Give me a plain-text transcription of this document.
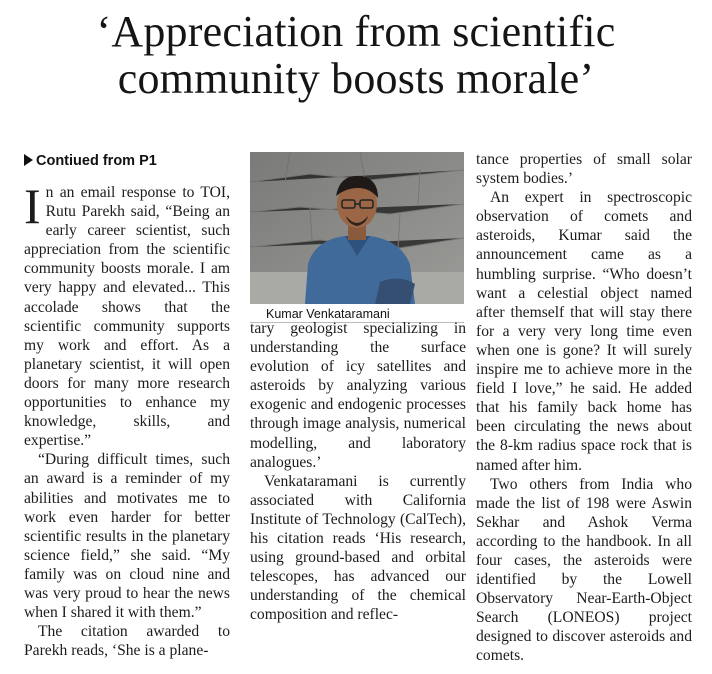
‘Appreciation from scientific
community boosts morale’
Contiued from P1

In an email response to TOI, Rutu Parekh said, “Being an early career scientist, such appreciation from the scientific community boosts morale. I am very happy and elevated... This accolade shows that the scientific community supports my work and effort. As a planetary scientist, it will open doors for many more research opportunities to enhance my knowledge, skills, and expertise.”

“During difficult times, such an award is a reminder of my abilities and motivates me to work even harder for better scientific results in the planetary science field,” she said. “My family was on cloud nine and was very proud to hear the news when I shared it with them.”

The citation awarded to Parekh reads, ‘She is a plane-

Kumar Venkataramani

tary geologist specializing in understanding the surface evolution of icy satellites and asteroids by analyzing various exogenic and endogenic processes through image analysis, numerical modelling, and laboratory analogues.’

Venkataramani is currently associated with California Institute of Technology (CalTech), his citation reads ‘His research, using ground-based and orbital telescopes, has advanced our understanding of the chemical composition and reflec-

tance properties of small solar system bodies.’

An expert in spectroscopic observation of comets and asteroids, Kumar said the announcement came as a humbling surprise. “Who doesn’t want a celestial object named after themself that will stay there for a very very long time even when one is gone? It will surely inspire me to achieve more in the field I love,” he said. He added that his family back home has been circulating the news about the 8-km radius space rock that is named after him.

Two others from India who made the list of 198 were Aswin Sekhar and Ashok Verma according to the handbook. In all four cases, the asteroids were identified by the Lowell Observatory Near-Earth-Object Search (LONEOS) project designed to discover asteroids and comets.
